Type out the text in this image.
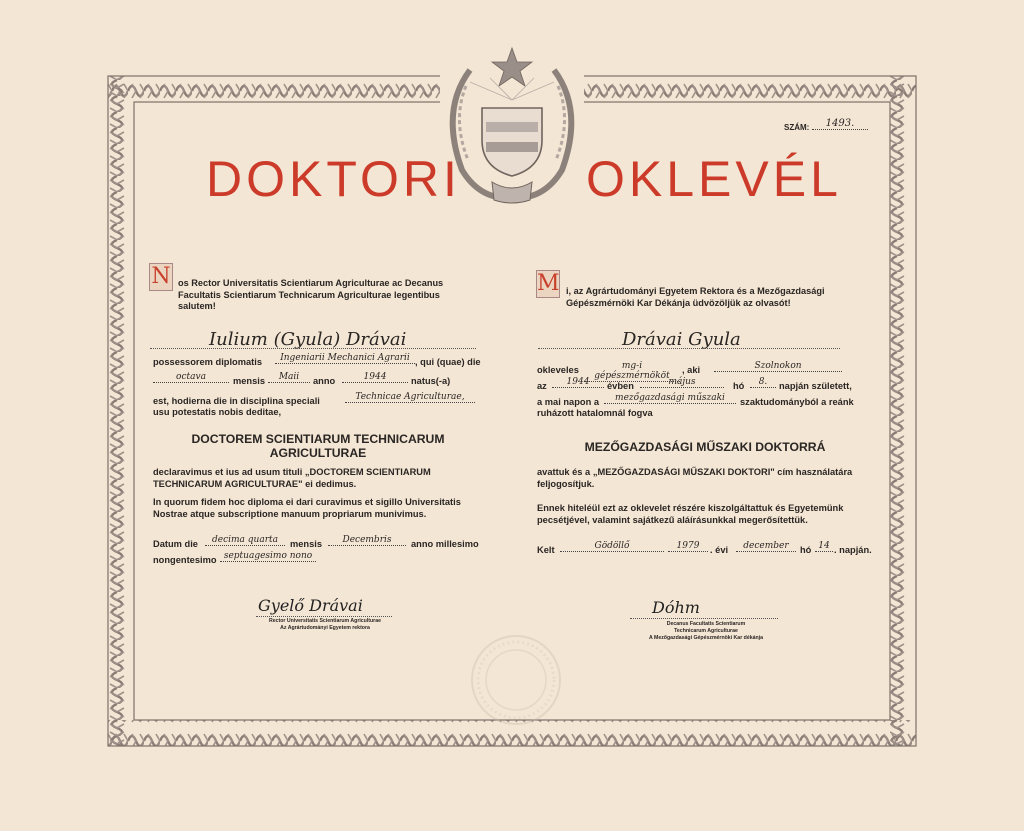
DOKTORI	OKLEVÉL
SZÁM:	1493.
N os Rector Universitatis Scientiarum Agriculturae ac Decanus Facultatis Scientiarum Technicarum Agriculturae legentibus salutem!
Iulium (Gyula) Drávai
possessorem diplomatis	Ingeniarii Mechanici Agrarii , qui (quae) die
octava	mensis	Maii	anno	1944	natus(-a)
est, hodierna die in disciplina speciali	Technicae Agriculturae,
usu potestatis nobis deditae,
DOCTOREM SCIENTIARUM TECHNICARUM AGRICULTURAE
declaravimus et ius ad usum tituli „DOCTOREM SCIENTIARUM TECHNICARUM AGRICULTURAE" ei dedimus.
In quorum fidem hoc diploma ei dari curavimus et sigillo Universitatis Nostrae atque subscriptione manuum propriarum munivimus.
Datum die	decima quarta	mensis	Decembris	anno millesimo
nongentesimo septuagesimo nono
Gyelő Drávai
Rector Universitatis Scientiarum Agriculturae
Az Agrártudományi Egyetem rektora
M i, az Agrártudományi Egyetem Rektora és a Mezőgazdasági Gépészmérnöki Kar Dékánja üdvözöljük az olvasót!
Drávai Gyula
okleveles	mg-i gépészmérnököt
, aki	Szolnokon
az	1944	évben	május	hó	8.	napján született,
a mai napon a	mezőgazdasági műszaki	szaktudományból a reánk
ruházott hatalomnál fogva
MEZŐGAZDASÁGI MŰSZAKI DOKTORRÁ
avattuk és a „MEZŐGAZDASÁGI MŰSZAKI DOKTORI" cím használatára feljogosítjuk.
Ennek hiteléül ezt az oklevelet részére kiszolgáltattuk és Egyetemünk pecsétjével, valamint sajátkezű aláírásunkkal megerősítettük.
Kelt	Gödöllő	1979	. évi	december	hó 14 . napján.
Dóhm
Decanus Facultatis Scientiarum
Technicarum Agriculturae
A Mezőgazdasági Gépészmérnöki Kar dékánja
